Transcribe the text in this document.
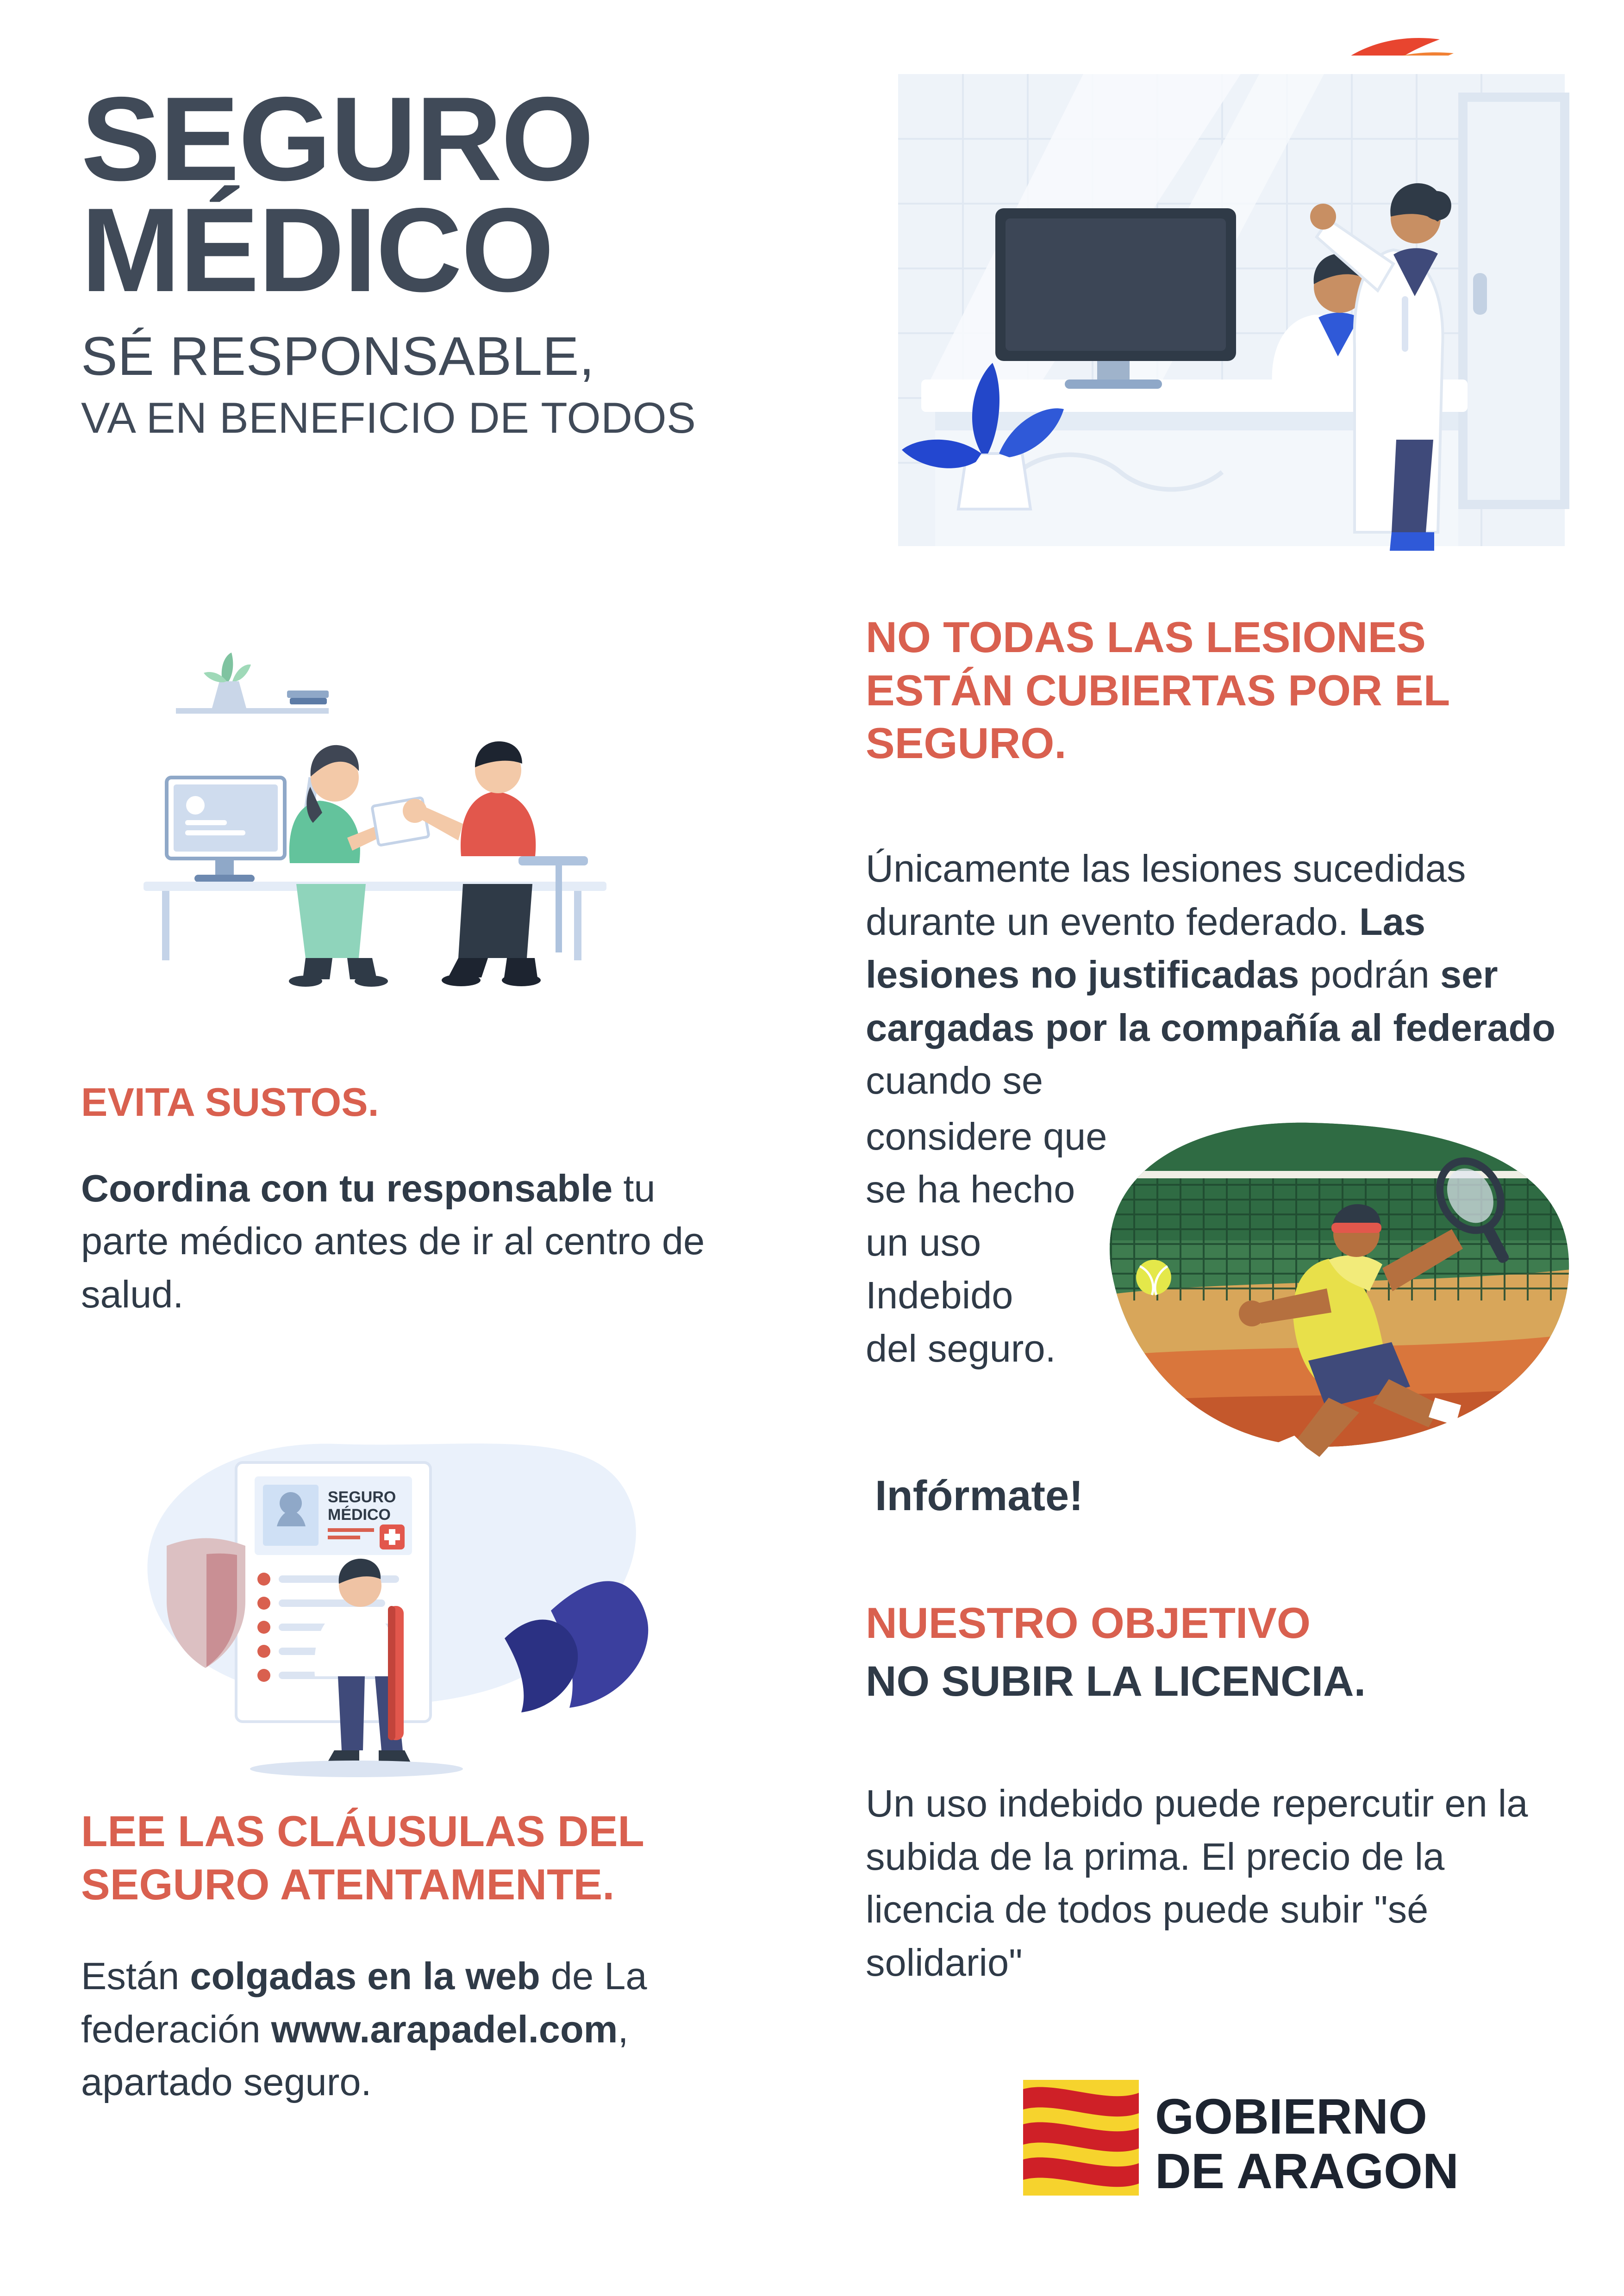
SEGURO
MÉDICO
SÉ RESPONSABLE,
VA EN BENEFICIO DE TODOS
EVITA SUSTOS.

Coordina con tu responsable tu parte médico antes de ir al centro de salud.

SEGURO
MÉDICO
LEE LAS CLÁUSULAS DEL
SEGURO ATENTAMENTE.

Están colgadas en la web de La federación www.arapadel.com, apartado seguro.

NO TODAS LAS LESIONES
ESTÁN CUBIERTAS POR EL
SEGURO.

Únicamente las lesiones sucedidas durante un evento federado. Las lesiones no justificadas podrán ser cargadas por la compañía al federado cuando se

considere que
se ha hecho
un uso
Indebido
del seguro.
Infórmate!
NUESTRO OBJETIVO
NO SUBIR LA LICENCIA.

Un uso indebido puede repercutir en la subida de la prima. El precio de la licencia de todos puede subir "sé solidario"

GOBIERNO
DE ARAGON
